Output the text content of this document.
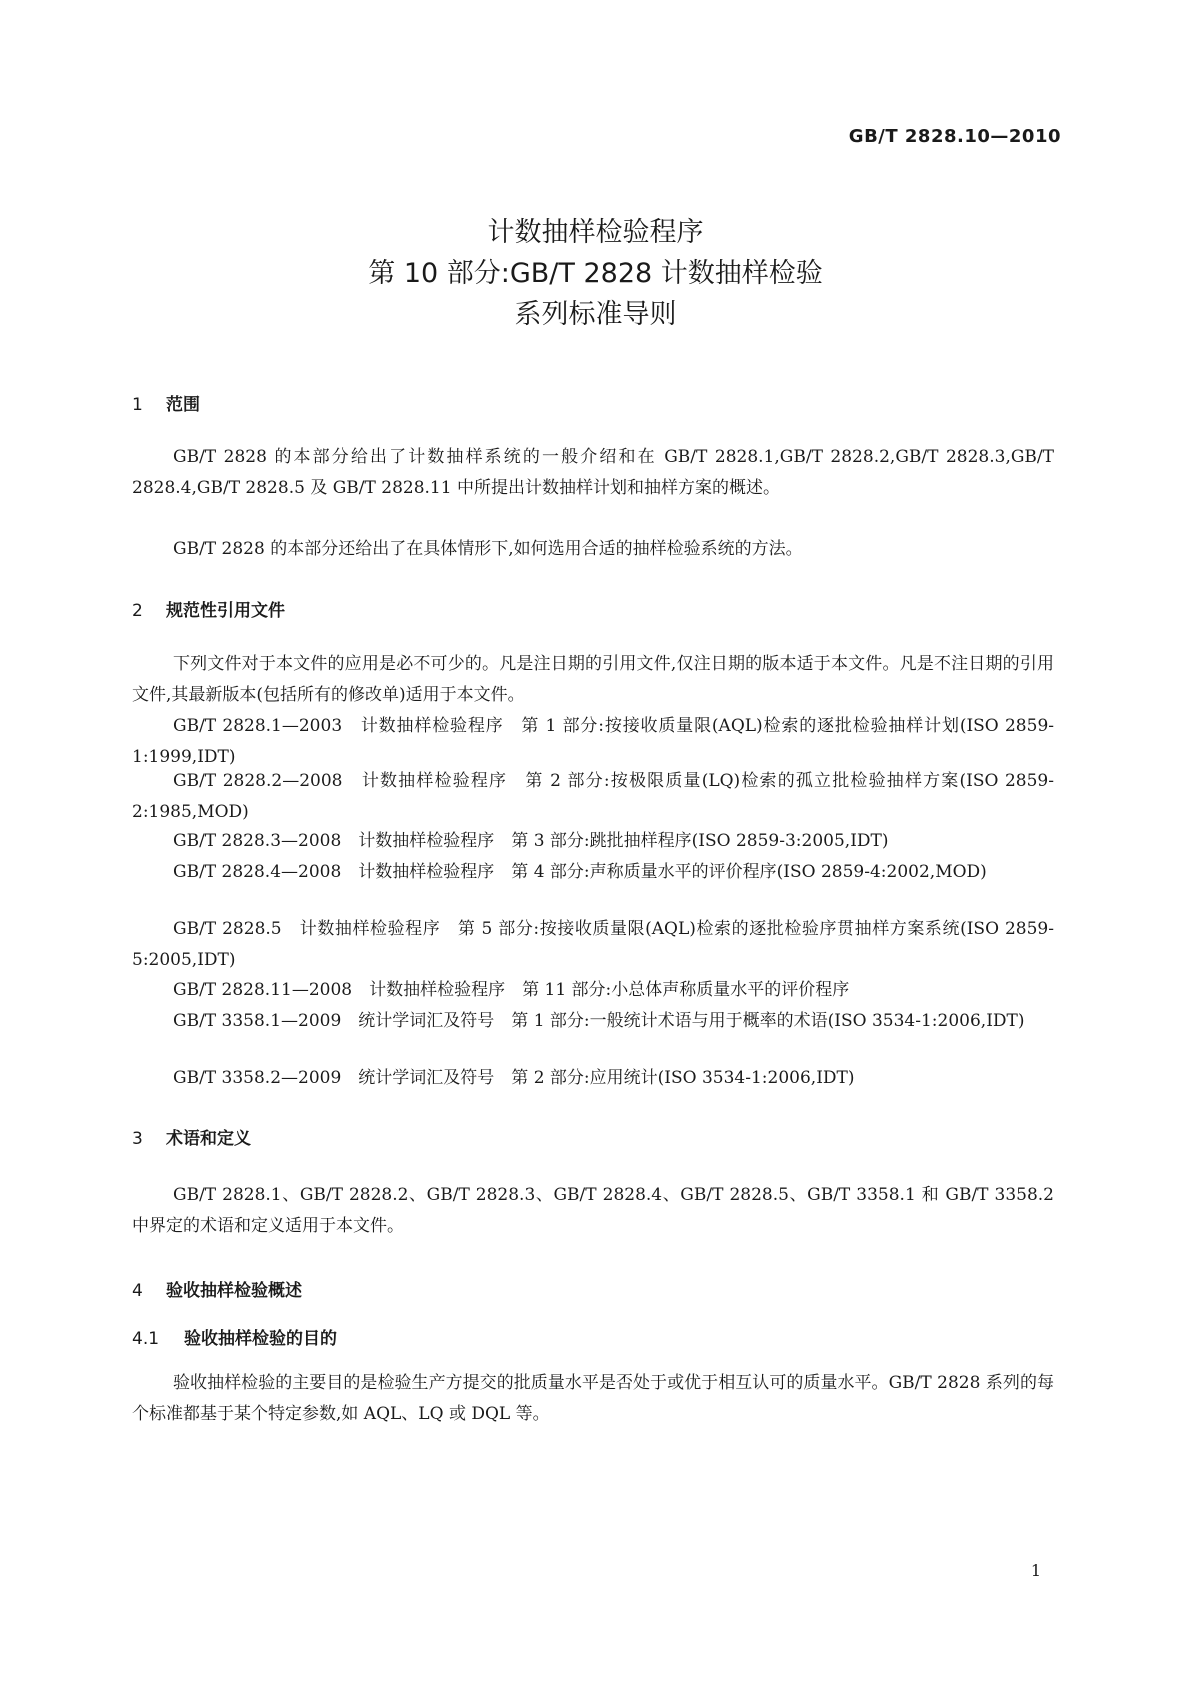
GB/T 2828.10—2010
计数抽样检验程序
第 10 部分:GB/T 2828 计数抽样检验
系列标准导则
1 范围
GB/T 2828 的本部分给出了计数抽样系统的一般介绍和在 GB/T 2828.1,GB/T 2828.2,GB/T 2828.3,GB/T 2828.4,GB/T 2828.5 及 GB/T 2828.11 中所提出计数抽样计划和抽样方案的概述。
GB/T 2828 的本部分还给出了在具体情形下,如何选用合适的抽样检验系统的方法。
2 规范性引用文件
下列文件对于本文件的应用是必不可少的。凡是注日期的引用文件,仅注日期的版本适于本文件。凡是不注日期的引用文件,其最新版本(包括所有的修改单)适用于本文件。
GB/T 2828.1—2003　计数抽样检验程序　第 1 部分:按接收质量限(AQL)检索的逐批检验抽样计划(ISO 2859-1:1999,IDT)
GB/T 2828.2—2008　计数抽样检验程序　第 2 部分:按极限质量(LQ)检索的孤立批检验抽样方案(ISO 2859-2:1985,MOD)
GB/T 2828.3—2008　计数抽样检验程序　第 3 部分:跳批抽样程序(ISO 2859-3:2005,IDT)
GB/T 2828.4—2008　计数抽样检验程序　第 4 部分:声称质量水平的评价程序(ISO 2859-4:2002,MOD)
GB/T 2828.5　计数抽样检验程序　第 5 部分:按接收质量限(AQL)检索的逐批检验序贯抽样方案系统(ISO 2859-5:2005,IDT)
GB/T 2828.11—2008　计数抽样检验程序　第 11 部分:小总体声称质量水平的评价程序
GB/T 3358.1—2009　统计学词汇及符号　第 1 部分:一般统计术语与用于概率的术语(ISO 3534-1:2006,IDT)
GB/T 3358.2—2009　统计学词汇及符号　第 2 部分:应用统计(ISO 3534-1:2006,IDT)
3 术语和定义
GB/T 2828.1、GB/T 2828.2、GB/T 2828.3、GB/T 2828.4、GB/T 2828.5、GB/T 3358.1 和 GB/T 3358.2 中界定的术语和定义适用于本文件。
4 验收抽样检验概述
4.1 验收抽样检验的目的
验收抽样检验的主要目的是检验生产方提交的批质量水平是否处于或优于相互认可的质量水平。GB/T 2828 系列的每个标准都基于某个特定参数,如 AQL、LQ 或 DQL 等。
1
